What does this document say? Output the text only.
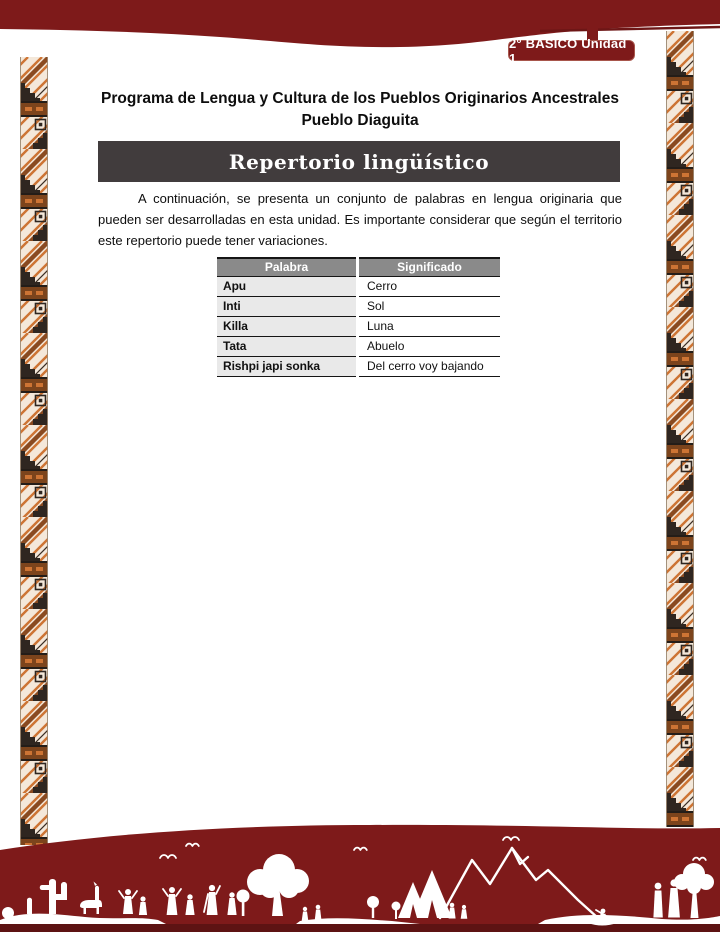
2° BÁSICO Unidad 1
Programa de Lengua y Cultura de los Pueblos Originarios Ancestrales
Pueblo Diaguita
Repertorio lingüístico

A continuación, se presenta un conjunto de palabras en lengua originaria que pueden ser desarrolladas en esta unidad. Es importante considerar que según el territorio este repertorio puede tener variaciones.

Palabra	Significado
Apu	Cerro
Inti	Sol
Killa	Luna
Tata	Abuelo
Rishpi japi sonka	Del cerro voy bajando
